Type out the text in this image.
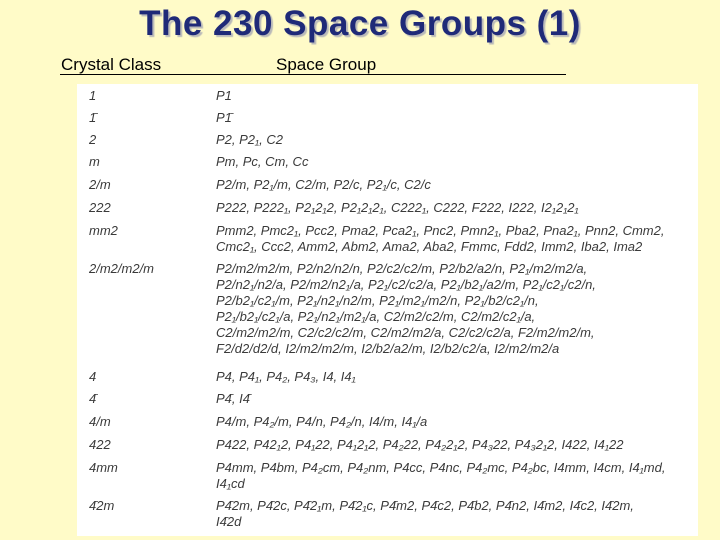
The 230 Space Groups (1)
Crystal Class	Space Group
1	P1
1̄	P1̄
2	P2, P2₁, C2
m	Pm, Pc, Cm, Cc
2/m	P2/m, P2₁/m, C2/m, P2/c, P2₁/c, C2/c
222	P222, P222₁, P2₁2₁2, P2₁2₁2₁, C222₁, C222, F222, I222, I2₁2₁2₁
mm2	Pmm2, Pmc2₁, Pcc2, Pma2, Pca2₁, Pnc2, Pmn2₁, Pba2, Pna2₁, Pnn2, Cmm2,
Cmc2₁, Ccc2, Amm2, Abm2, Ama2, Aba2, Fmmc, Fdd2, Imm2, Iba2, Ima2
2/m2/m2/m	P2/m2/m2/m, P2/n2/n2/n, P2/c2/c2/m, P2/b2/a2/n, P2₁/m2/m2/a,
P2/n2₁/n2/a, P2/m2/n2₁/a, P2₁/c2/c2/a, P2₁/b2₁/a2/m, P2₁/c2₁/c2/n,
P2/b2₁/c2₁/m, P2₁/n2₁/n2/m, P2₁/m2₁/m2/n, P2₁/b2/c2₁/n,
P2₁/b2₁/c2₁/a, P2₁/n2₁/m2₁/a, C2/m2/c2/m, C2/m2/c2₁/a,
C2/m2/m2/m, C2/c2/c2/m, C2/m2/m2/a, C2/c2/c2/a, F2/m2/m2/m,
F2/d2/d2/d, I2/m2/m2/m, I2/b2/a2/m, I2/b2/c2/a, I2/m2/m2/a
4	P4, P4₁, P4₂, P4₃, I4, I4₁
4̄	P4̄, I4̄
4/m	P4/m, P4₂/m, P4/n, P4₂/n, I4/m, I4₁/a
422	P422, P42₁2, P4₁22, P4₁2₁2, P4₂22, P4₂2₁2, P4₃22, P4₃2₁2, I422, I4₁22
4mm	P4mm, P4bm, P4₂cm, P4₂nm, P4cc, P4nc, P4₂mc, P4₂bc, I4mm, I4cm, I4₁md,
I4₁cd
4̄2m	P4̄2m, P4̄2c, P4̄2₁m, P4̄2₁c, P4̄m2, P4̄c2, P4̄b2, P4̄n2, I4̄m2, I4̄c2, I4̄2m,
I4̄2d
